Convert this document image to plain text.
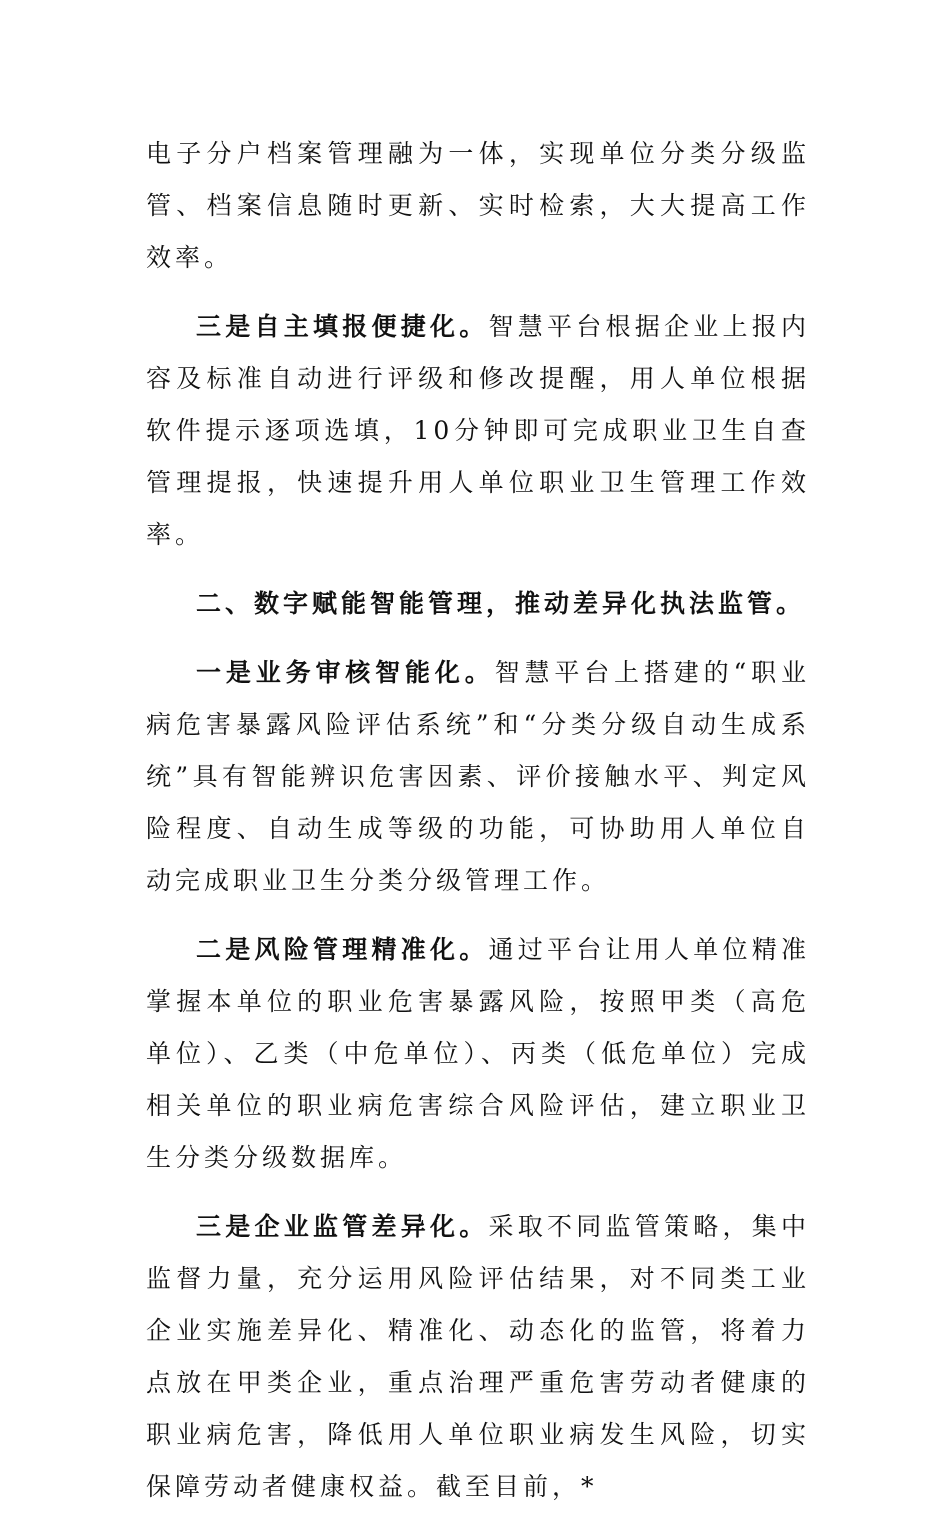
电子分户档案管理融为一体，实现单位分类分级监管、档案信息随时更新、实时检索，大大提高工作效率。

三是自主填报便捷化。智慧平台根据企业上报内容及标准自动进行评级和修改提醒，用人单位根据软件提示逐项选填，10分钟即可完成职业卫生自查管理提报，快速提升用人单位职业卫生管理工作效率。

二、数字赋能智能管理，推动差异化执法监管。

一是业务审核智能化。智慧平台上搭建的“职业病危害暴露风险评估系统”和“分类分级自动生成系统”具有智能辨识危害因素、评价接触水平、判定风险程度、自动生成等级的功能，可协助用人单位自动完成职业卫生分类分级管理工作。

二是风险管理精准化。通过平台让用人单位精准掌握本单位的职业危害暴露风险，按照甲类（高危单位）、乙类（中危单位）、丙类（低危单位）完成相关单位的职业病危害综合风险评估，建立职业卫生分类分级数据库。

三是企业监管差异化。采取不同监管策略，集中监督力量，充分运用风险评估结果，对不同类工业企业实施差异化、精准化、动态化的监管，将着力点放在甲类企业，重点治理严重危害劳动者健康的职业病危害，降低用人单位职业病发生风险，切实保障劳动者健康权益。截至目前，*
